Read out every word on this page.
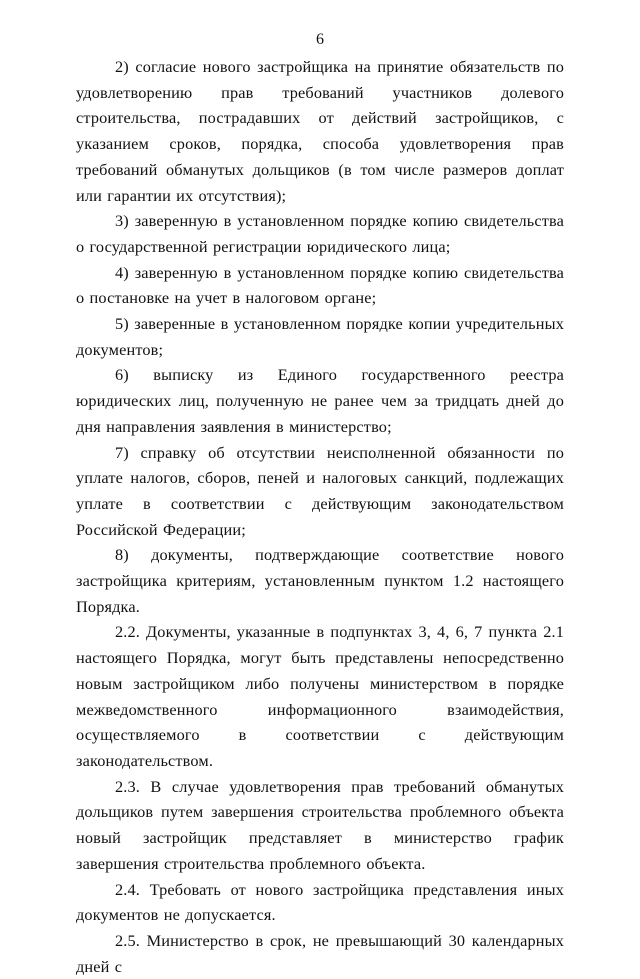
6

2) согласие нового застройщика на принятие обязательств по удовлетворению прав требований участников долевого строительства, пострадавших от действий застройщиков, с указанием сроков, порядка, способа удовлетворения прав требований обманутых дольщиков (в том числе размеров доплат или гарантии их отсутствия);

3) заверенную в установленном порядке копию свидетельства о государственной регистрации юридического лица;

4) заверенную в установленном порядке копию свидетельства о постановке на учет в налоговом органе;

5) заверенные в установленном порядке копии учредительных документов;

6) выписку из Единого государственного реестра юридических лиц, полученную не ранее чем за тридцать дней до дня направления заявления в министерство;

7) справку об отсутствии неисполненной обязанности по уплате налогов, сборов, пеней и налоговых санкций, подлежащих уплате в соответствии с действующим законодательством Российской Федерации;

8) документы, подтверждающие соответствие нового застройщика критериям, установленным пунктом 1.2 настоящего Порядка.

2.2. Документы, указанные в подпунктах 3, 4, 6, 7 пункта 2.1 настоящего Порядка, могут быть представлены непосредственно новым застройщиком либо получены министерством в порядке межведомственного информационного взаимодействия, осуществляемого в соответствии с действующим законодательством.

2.3. В случае удовлетворения прав требований обманутых дольщиков путем завершения строительства проблемного объекта новый застройщик представляет в министерство график завершения строительства проблемного объекта.

2.4. Требовать от нового застройщика представления иных документов не допускается.

2.5. Министерство в срок, не превышающий 30 календарных дней с
